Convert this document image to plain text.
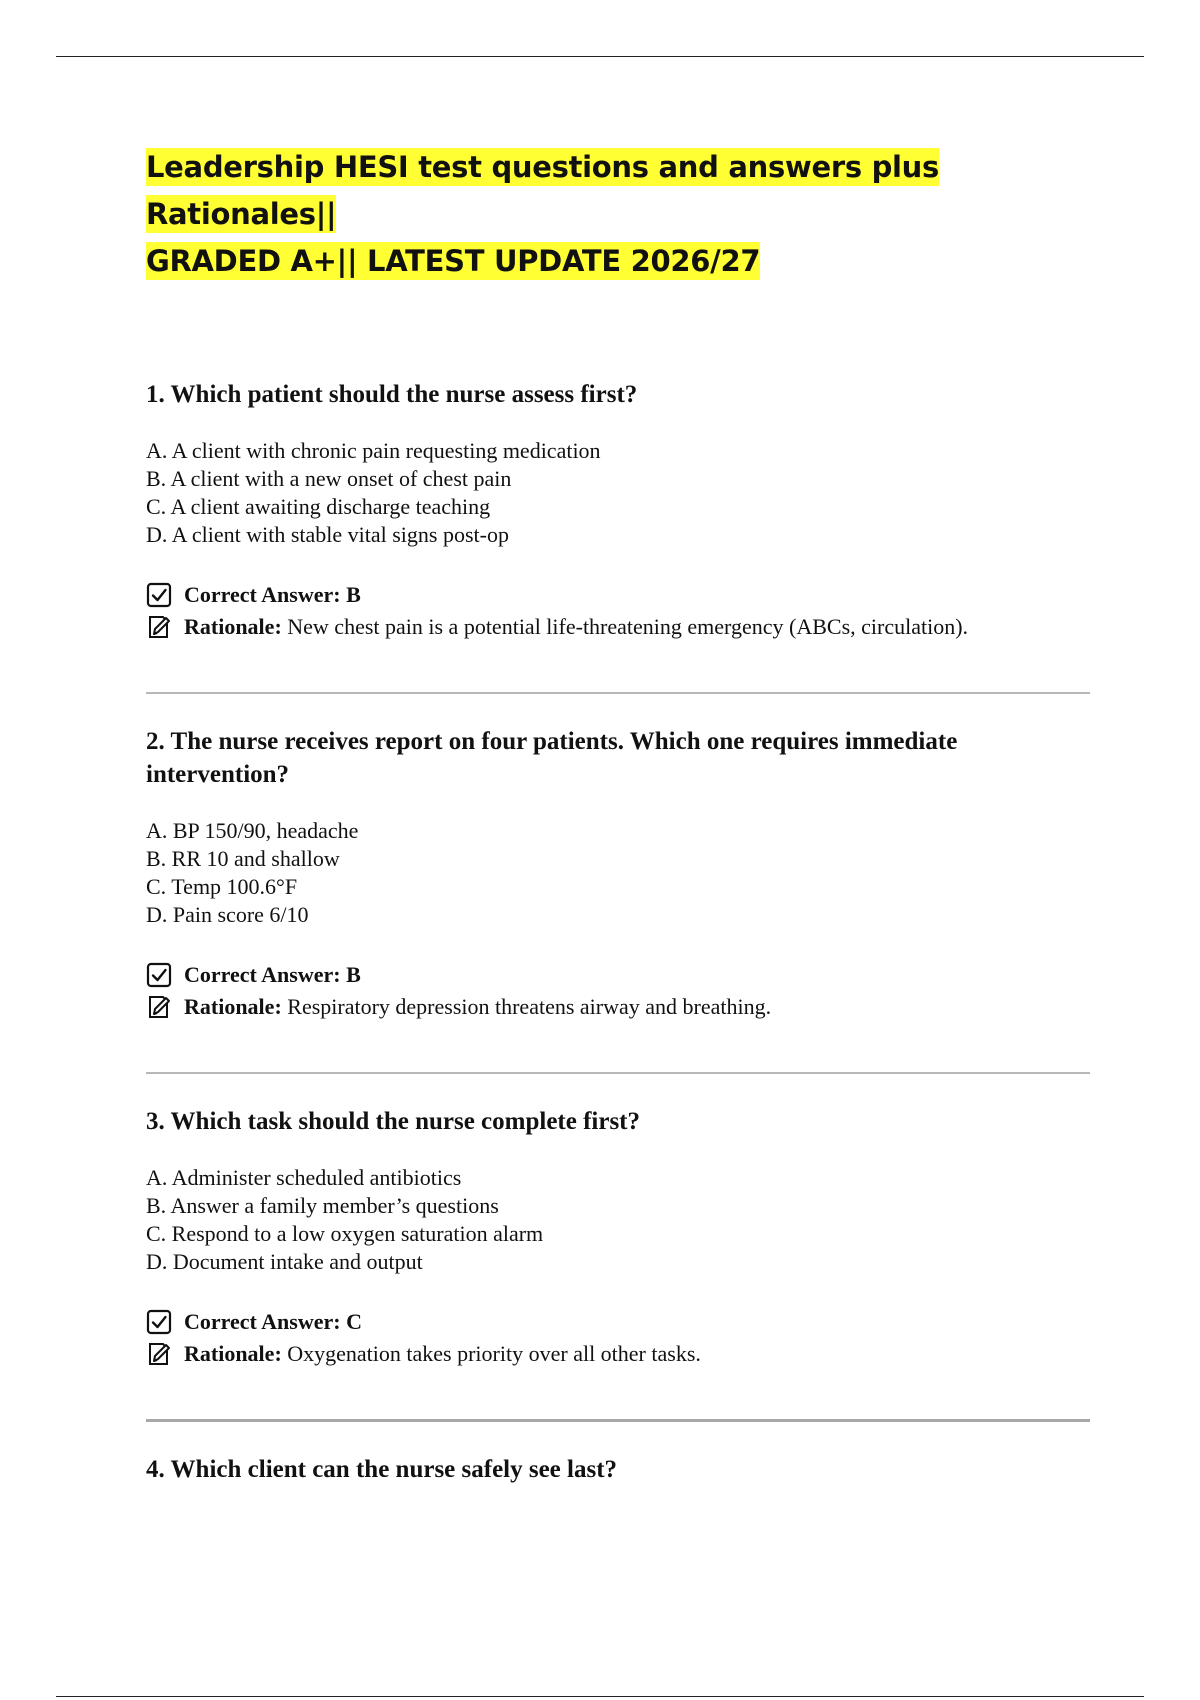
Leadership HESI test questions and answers plus Rationales||
GRADED A+|| LATEST UPDATE 2026/27

1. Which patient should the nurse assess first?

A. A client with chronic pain requesting medication
B. A client with a new onset of chest pain
C. A client awaiting discharge teaching
D. A client with stable vital signs post-op
Correct Answer:
B
Rationale:
New chest pain is a potential life-threatening emergency (ABCs, circulation).

2. The nurse receives report on four patients. Which one requires immediate intervention?

A. BP 150/90, headache
B. RR 10 and shallow
C. Temp 100.6°F
D. Pain score 6/10
Correct Answer:
B
Rationale:
Respiratory depression threatens airway and breathing.

3. Which task should the nurse complete first?

A. Administer scheduled antibiotics
B. Answer a family member’s questions
C. Respond to a low oxygen saturation alarm
D. Document intake and output
Correct Answer:
C
Rationale:
Oxygenation takes priority over all other tasks.

4. Which client can the nurse safely see last?
